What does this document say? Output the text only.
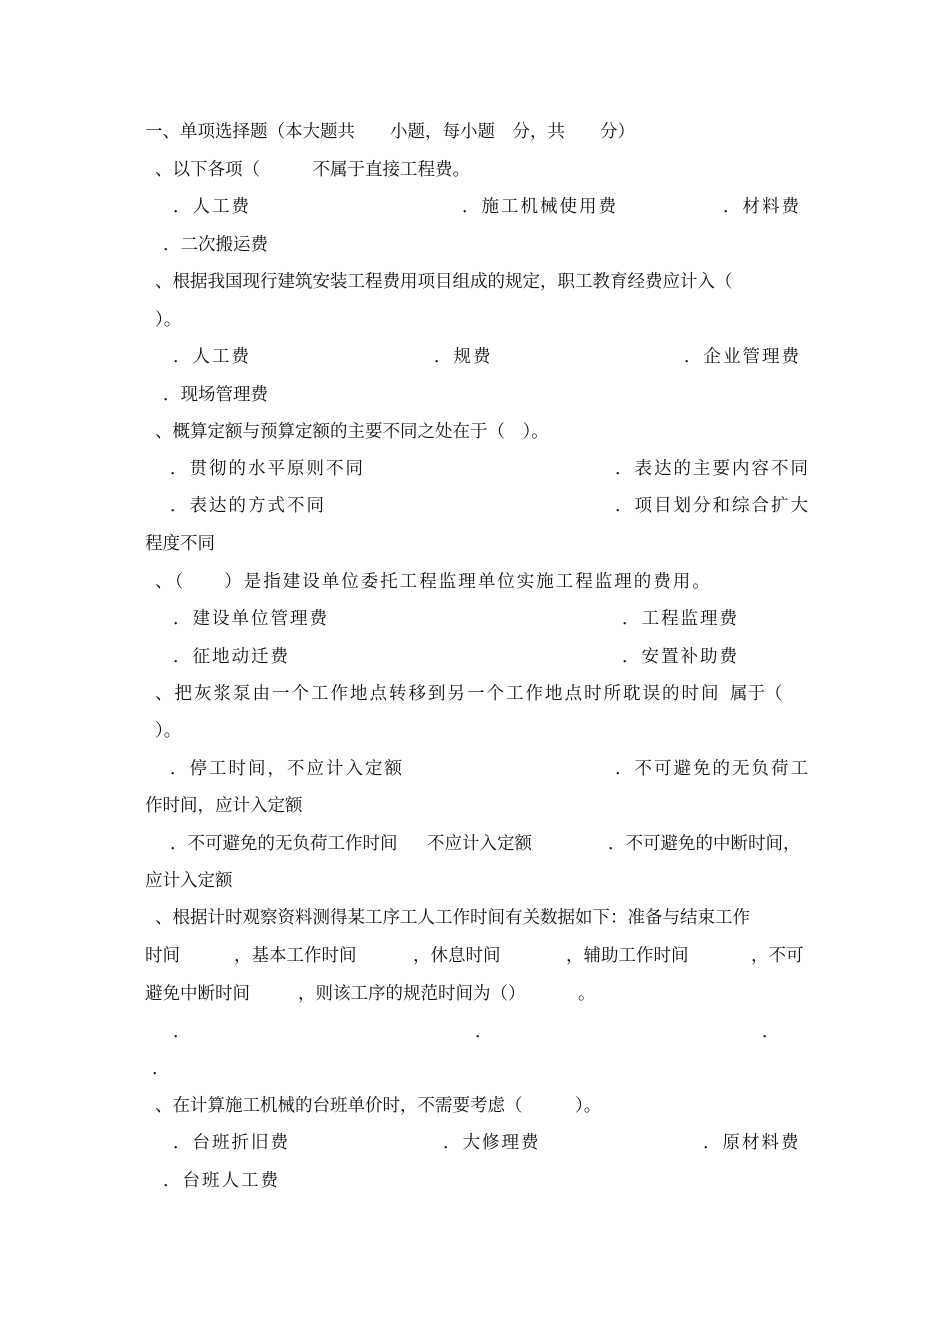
一、单项选择题（本大题共　　小题，每小题　分，共　　分）
、以下各项（　　　不属于直接工程费。
．人工费	．施工机械使用费	．材料费
．二次搬运费
、根据我国现行建筑安装工程费用项目组成的规定，职工教育经费应计入（
）。
．人工费	．规费	．企业管理费
．现场管理费
、概算定额与预算定额的主要不同之处在于（　）。
．贯彻的水平原则不同	．表达的主要内容不同
．表达的方式不同	．项目划分和综合扩大
程度不同
、（　　）是指建设单位委托工程监理单位实施工程监理的费用。
．建设单位管理费	．工程监理费
．征地动迁费	．安置补助费
、把灰浆泵由一个工作地点转移到另一个工作地点时所耽误的时间 属于（
）。
．停工时间，不应计入定额	．不可避免的无负荷工
作时间，应计入定额
．不可避免的无负荷工作时间 不应计入定额	．不可避免的中断时间，
应计入定额
、根据计时观察资料测得某工序工人工作时间有关数据如下：准备与结束工作
时间	，基本工作时间	，休息时间	，辅助工作时间	，不可
避免中断时间	，则该工序的规范时间为（）	。
．	．	．
．
、在计算施工机械的台班单价时，不需要考虑（　　　）。
．台班折旧费	．大修理费	．原材料费
．台班人工费
